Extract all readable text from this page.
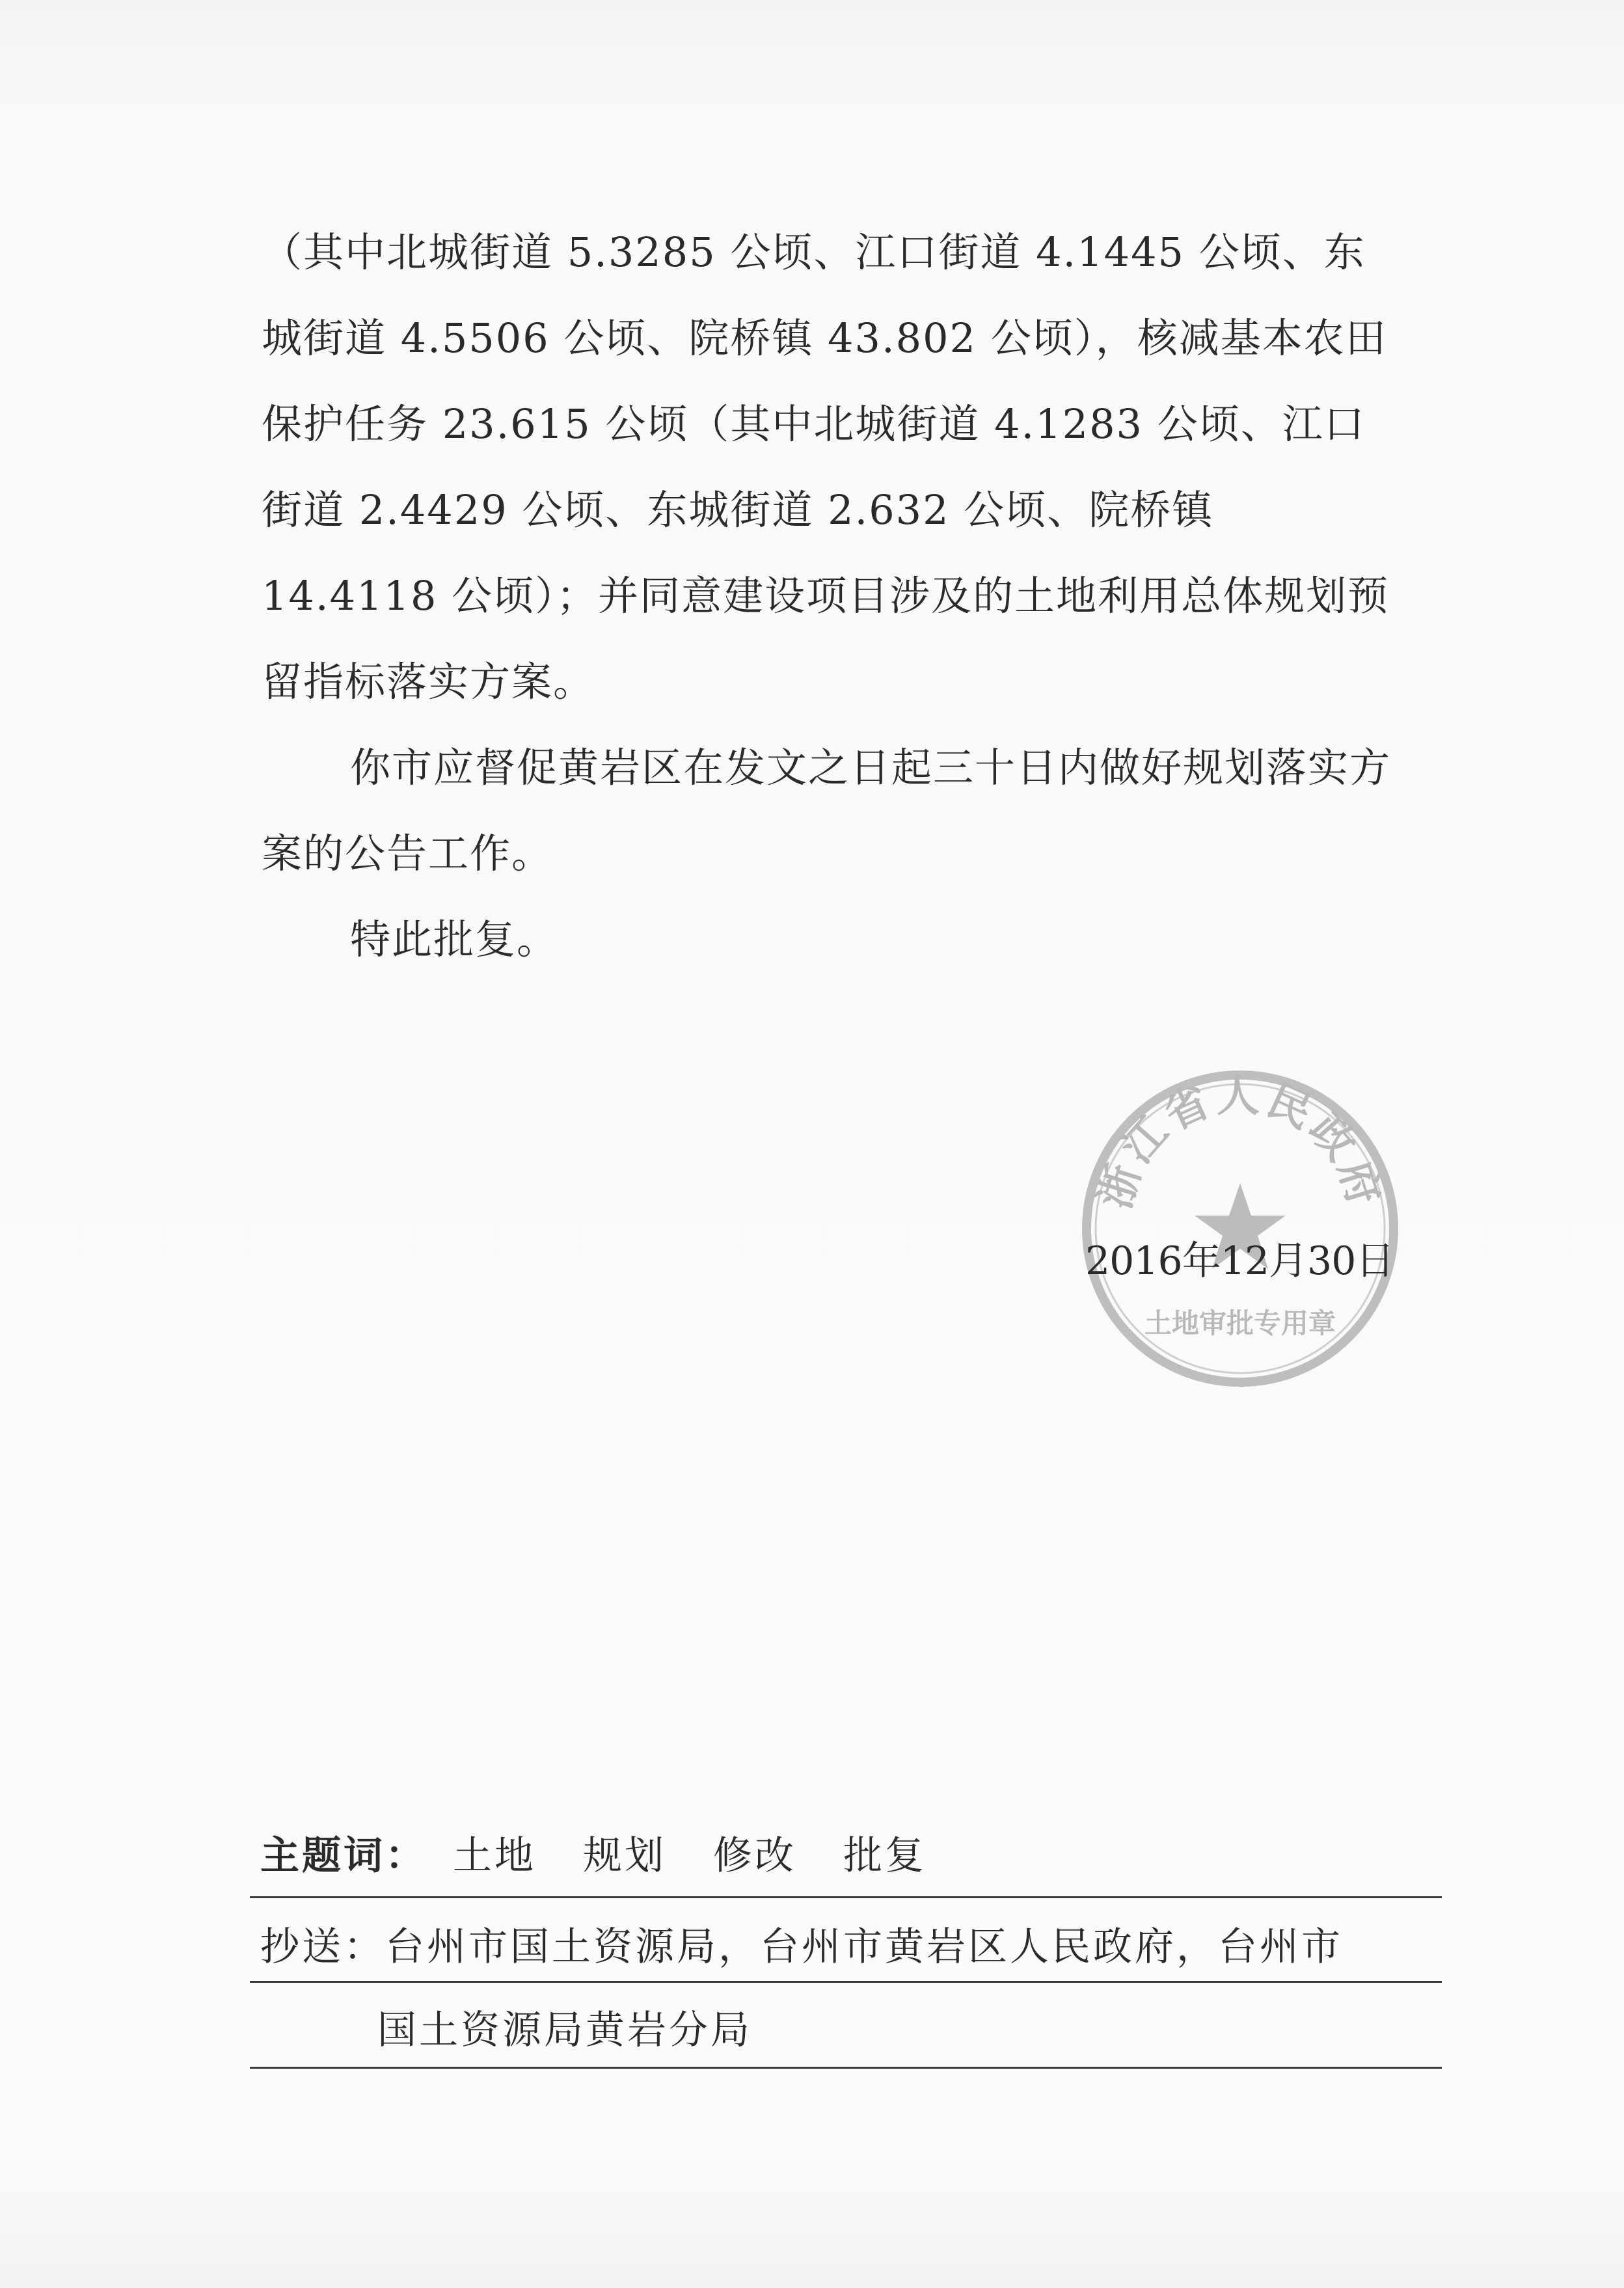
（其中北城街道 5.3285 公顷、江口街道 4.1445 公顷、东城街道 4.5506 公顷、院桥镇 43.802 公顷），核减基本农田保护任务 23.615 公顷（其中北城街道 4.1283 公顷、江口街道 2.4429 公顷、东城街道 2.632 公顷、院桥镇 14.4118 公顷）；并同意建设项目涉及的土地利用总体规划预留指标落实方案。

你市应督促黄岩区在发文之日起三十日内做好规划落实方案的公告工作。

特此批复。

浙江省人民政府
土地审批专用章
2016年12月30日
主题词： 土地 规划 修改 批复
抄送：台州市国土资源局，台州市黄岩区人民政府，台州市
国土资源局黄岩分局
